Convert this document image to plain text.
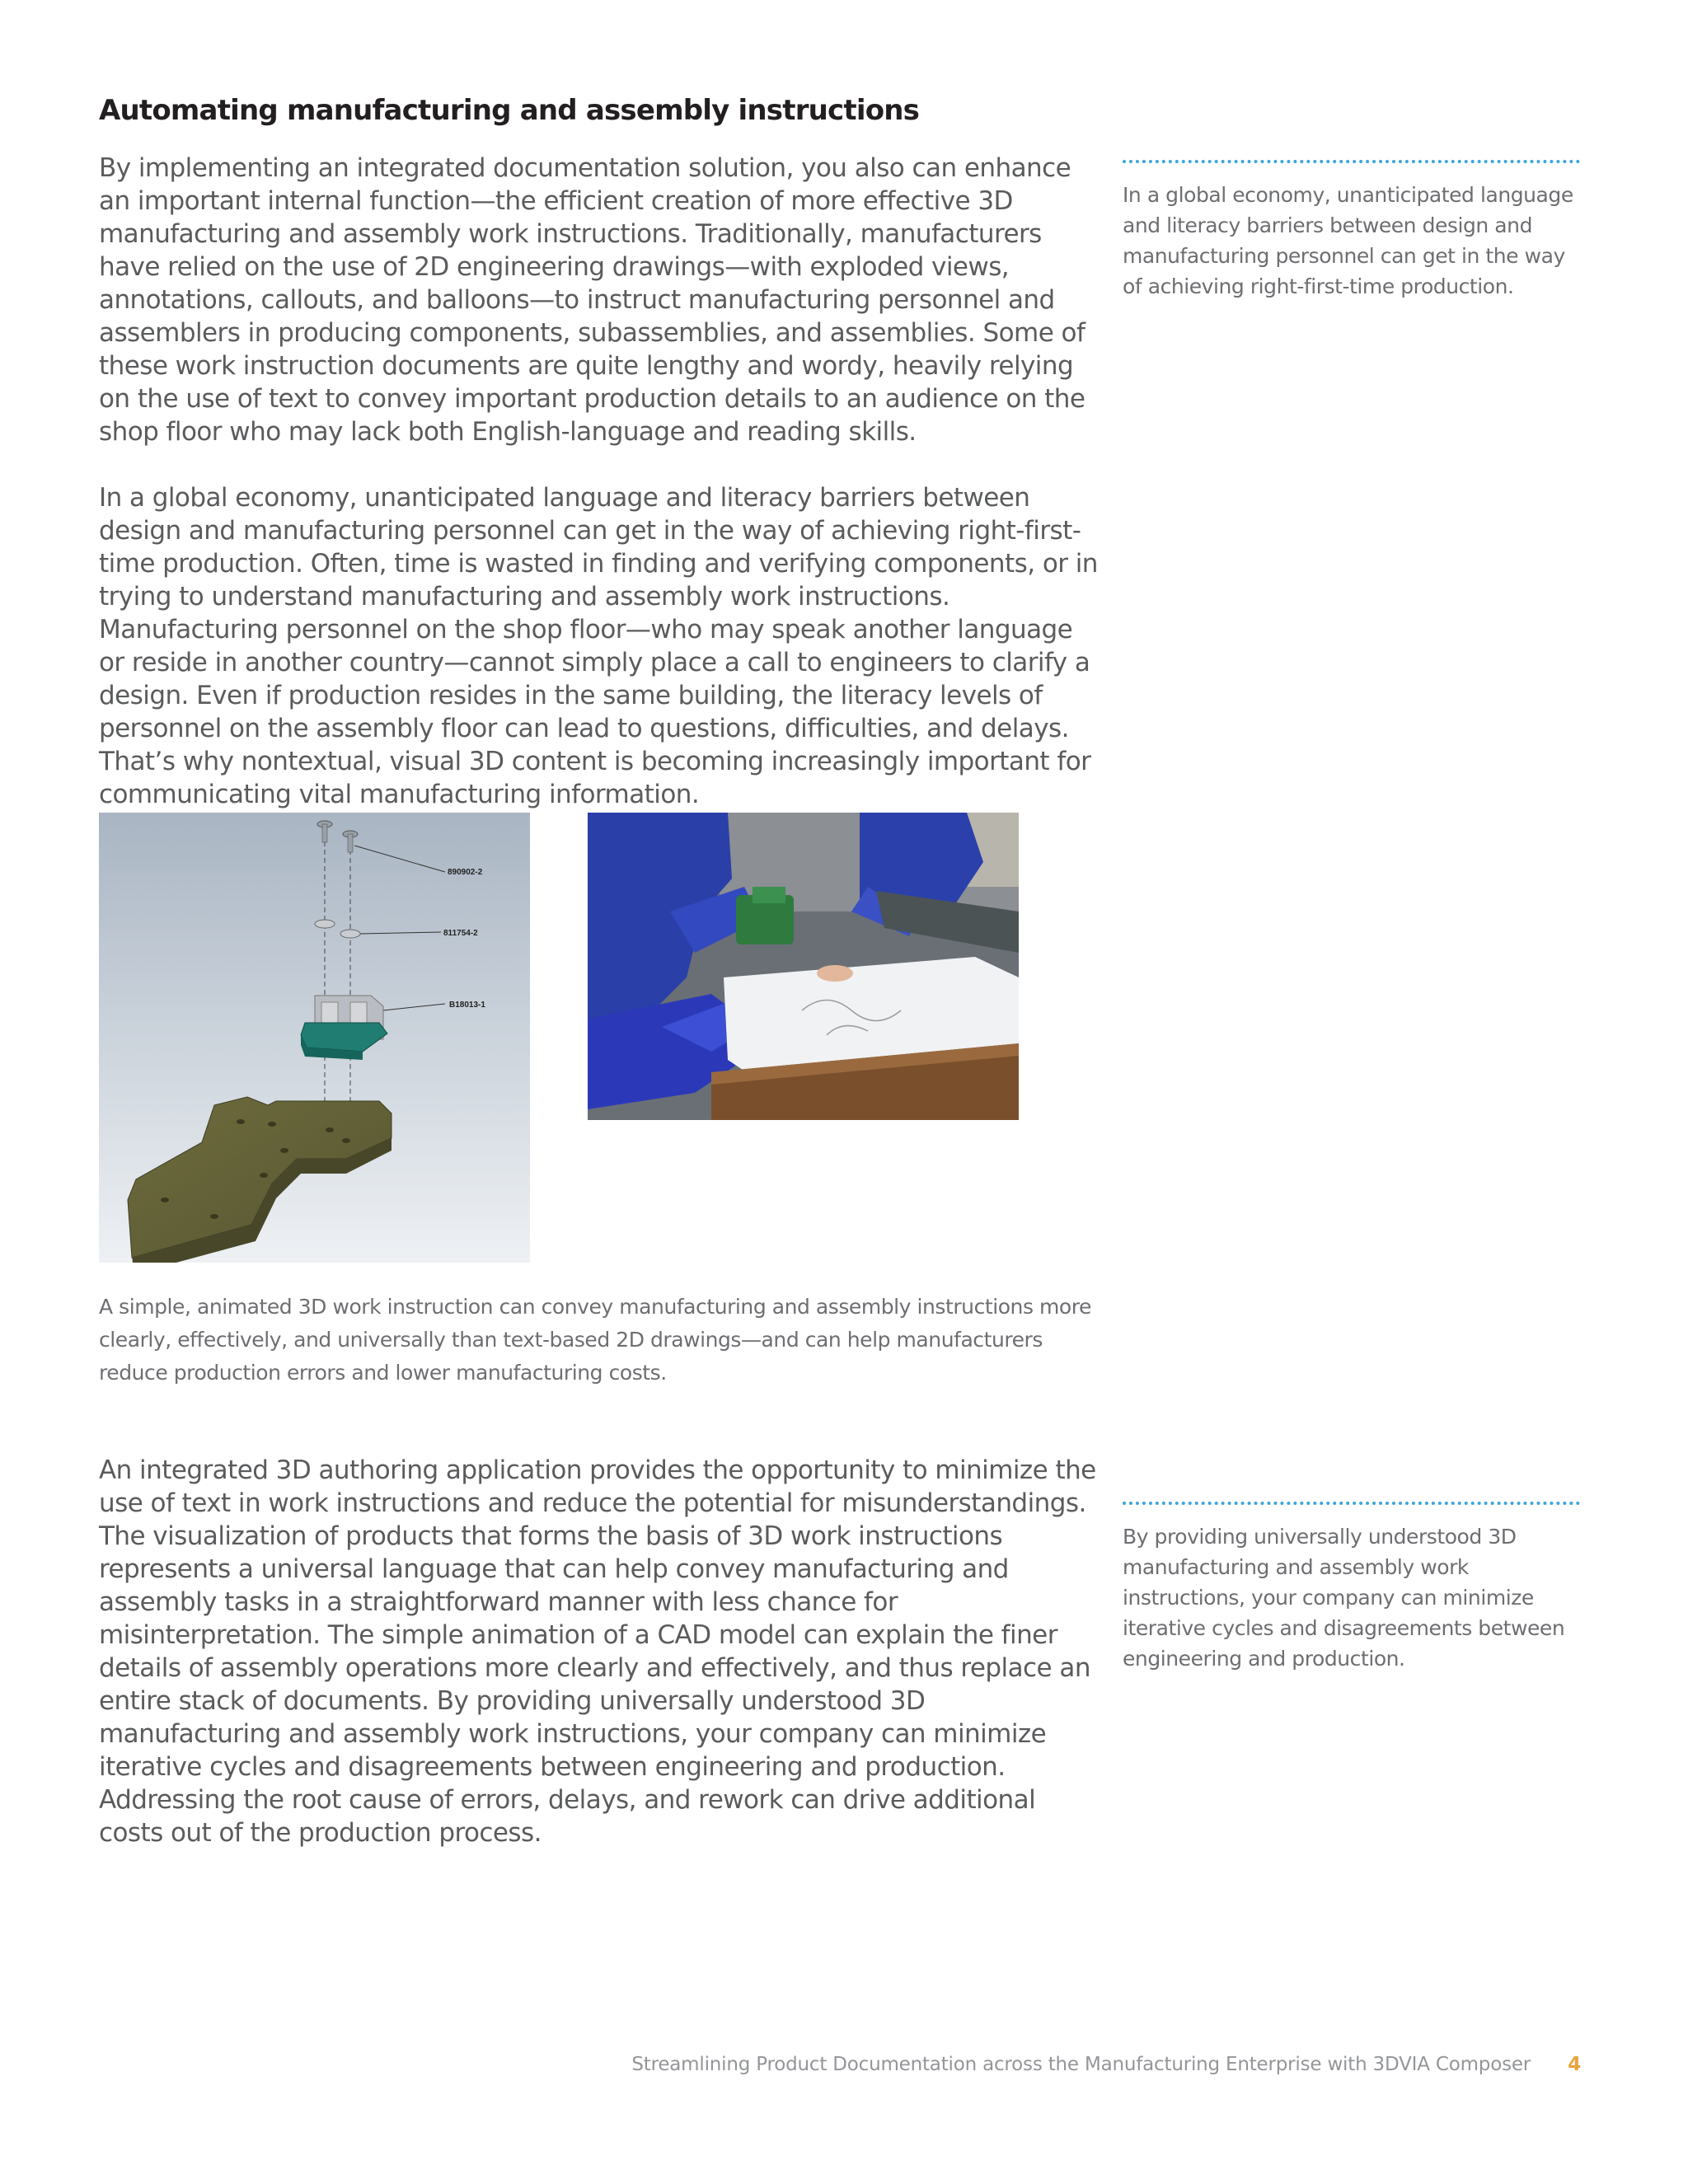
Automating manufacturing and assembly instructions

By implementing an integrated documentation solution, you also can enhance an important internal function—the efficient creation of more effective 3D manufacturing and assembly work instructions. Traditionally, manufacturers have relied on the use of 2D engineering drawings—with exploded views, annotations, callouts, and balloons—to instruct manufacturing personnel and assemblers in producing components, subassemblies, and assemblies. Some of these work instruction documents are quite lengthy and wordy, heavily relying on the use of text to convey important production details to an audience on the shop floor who may lack both English-language and reading skills.

In a global economy, unanticipated language and literacy barriers between design and manufacturing personnel can get in the way of achieving right-first-time production. Often, time is wasted in finding and verifying components, or in trying to understand manufacturing and assembly work instructions. Manufacturing personnel on the shop floor—who may speak another language or reside in another country—cannot simply place a call to engineers to clarify a design. Even if production resides in the same building, the literacy levels of personnel on the assembly floor can lead to questions, difficulties, and delays. That’s why nontextual, visual 3D content is becoming increasingly important for communicating vital manufacturing information.

In a global economy, unanticipated language and literacy barriers between design and manufacturing personnel can get in the way of achieving right-first-time production.

890902-2
811754-2
B18013-1

A simple, animated 3D work instruction can convey manufacturing and assembly instructions more clearly, effectively, and universally than text-based 2D drawings—and can help manufacturers reduce production errors and lower manufacturing costs.

An integrated 3D authoring application provides the opportunity to minimize the use of text in work instructions and reduce the potential for misunderstandings. The visualization of products that forms the basis of 3D work instructions represents a universal language that can help convey manufacturing and assembly tasks in a straightforward manner with less chance for misinterpretation. The simple animation of a CAD model can explain the finer details of assembly operations more clearly and effectively, and thus replace an entire stack of documents. By providing universally understood 3D manufacturing and assembly work instructions, your company can minimize iterative cycles and disagreements between engineering and production. Addressing the root cause of errors, delays, and rework can drive additional costs out of the production process.

By providing universally understood 3D manufacturing and assembly work instructions, your company can minimize iterative cycles and disagreements between engineering and production.

Streamlining Product Documentation across the Manufacturing Enterprise with 3DVIA Composer 4
